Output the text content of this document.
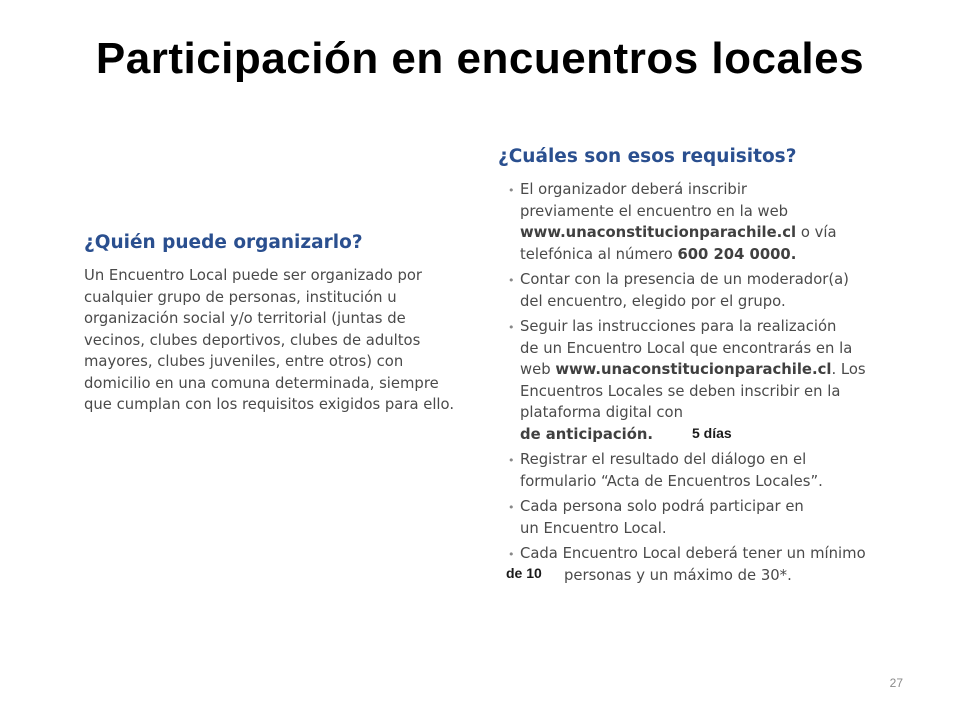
Participación en encuentros locales
¿Quién puede organizarlo?
Un Encuentro Local puede ser organizado por
cualquier grupo de personas, institución u
organización social y/o territorial (juntas de
vecinos, clubes deportivos, clubes de adultos
mayores, clubes juveniles, entre otros) con
domicilio en una comuna determinada, siempre
que cumplan con los requisitos exigidos para ello.
¿Cuáles son esos requisitos?
• El organizador deberá inscribir
previamente el encuentro en la web
www.unaconstitucionparachile.cl o vía
telefónica al número 600 204 0000.
• Contar con la presencia de un moderador(a)
del encuentro, elegido por el grupo.
• Seguir las instrucciones para la realización
de un Encuentro Local que encontrarás en la
web www.unaconstitucionparachile.cl. Los
Encuentros Locales se deben inscribir en la
plataforma digital con
de anticipación.	5 días
• Registrar el resultado del diálogo en el
formulario “Acta de Encuentros Locales”.
• Cada persona solo podrá participar en
un Encuentro Local.
• Cada Encuentro Local deberá tener un mínimo
personas y un máximo de 30*.
de 10
27
